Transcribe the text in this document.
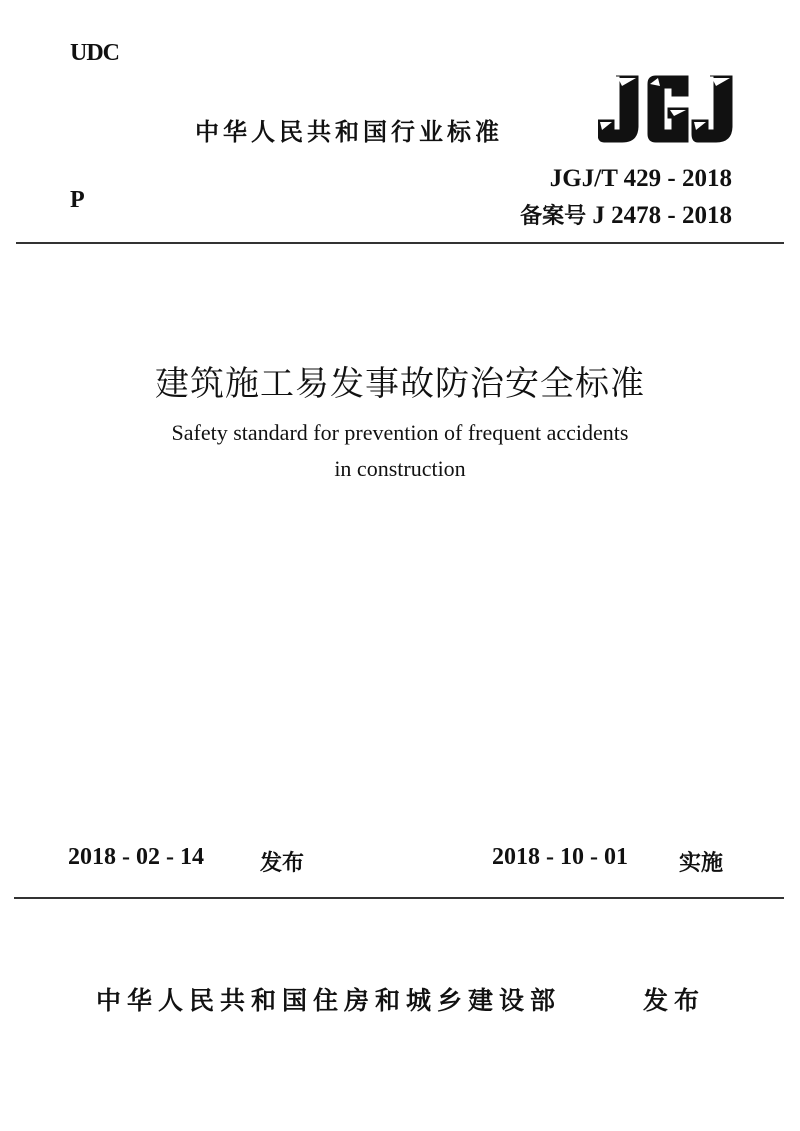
UDC
P
中华人民共和国行业标准
JGJ/T 429 - 2018
备案号 J 2478 - 2018
建筑施工易发事故防治安全标准
Safety standard for prevention of frequent accidents
in construction
2018 - 02 - 14	发布	2018 - 10 - 01 实施
中华人民共和国住房和城乡建设部	发布
